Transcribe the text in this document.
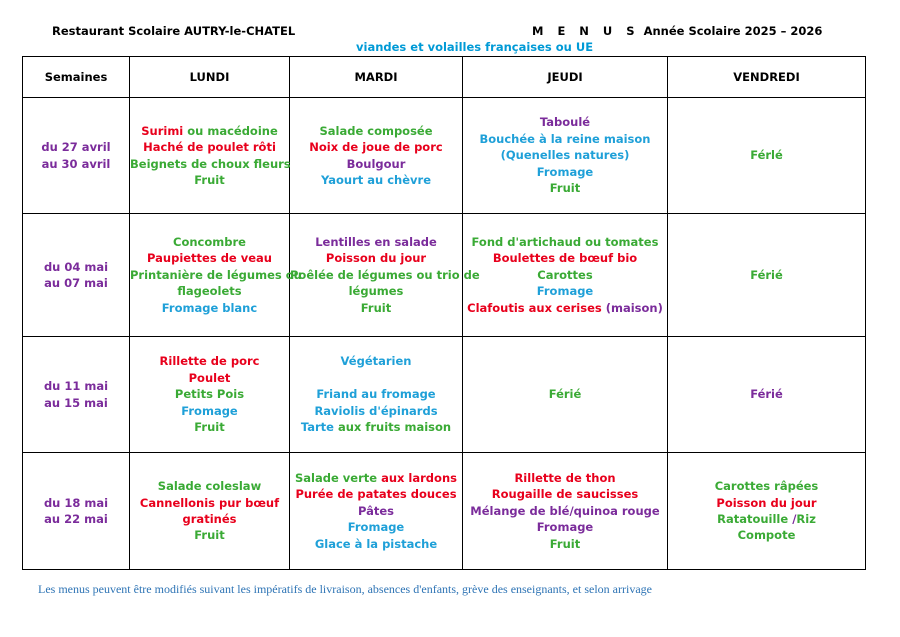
Restaurant Scolaire AUTRY-le-CHATEL	M E N U S Année Scolaire 2025 – 2026
viandes et volailles françaises ou UE
Semaines	LUNDI	MARDI	JEUDI	VENDREDI

du 27 avril
au 30 avril	Surimi ou macédoine
Haché de poulet rôti
Beignets de choux fleurs
Fruit	Salade composée
Noix de joue de porc
Boulgour
Yaourt au chèvre	Taboulé
Bouchée à la reine maison
(Quenelles natures)
Fromage
Fruit	Férlé

du 04 mai
au 07 mai	Concombre
Paupiettes de veau
Printanière de légumes ou
flageolets
Fromage blanc	Lentilles en salade
Poisson du jour
Poêlée de légumes ou trio de
légumes
Fruit	Fond d'artichaud ou tomates
Boulettes de bœuf bio
Carottes
Fromage
Clafoutis aux cerises (maison)	Férié

du 11 mai
au 15 mai	Rillette de porc
Poulet
Petits Pois
Fromage
Fruit	Végétarien
Friand au fromage
Raviolis d'épinards
Tarte aux fruits maison	Férié	Férié

du 18 mai
au 22 mai	Salade coleslaw
Cannellonis pur bœuf
gratinés
Fruit	Salade verte aux lardons
Purée de patates douces
Pâtes
Fromage
Glace à la pistache	Rillette de thon
Rougaille de saucisses
Mélange de blé/quinoa rouge
Fromage
Fruit	Carottes râpées
Poisson du jour
Ratatouille /Riz
Compote
Les menus peuvent être modifiés suivant les impératifs de livraison, absences d'enfants, grève des enseignants, et selon arrivage
